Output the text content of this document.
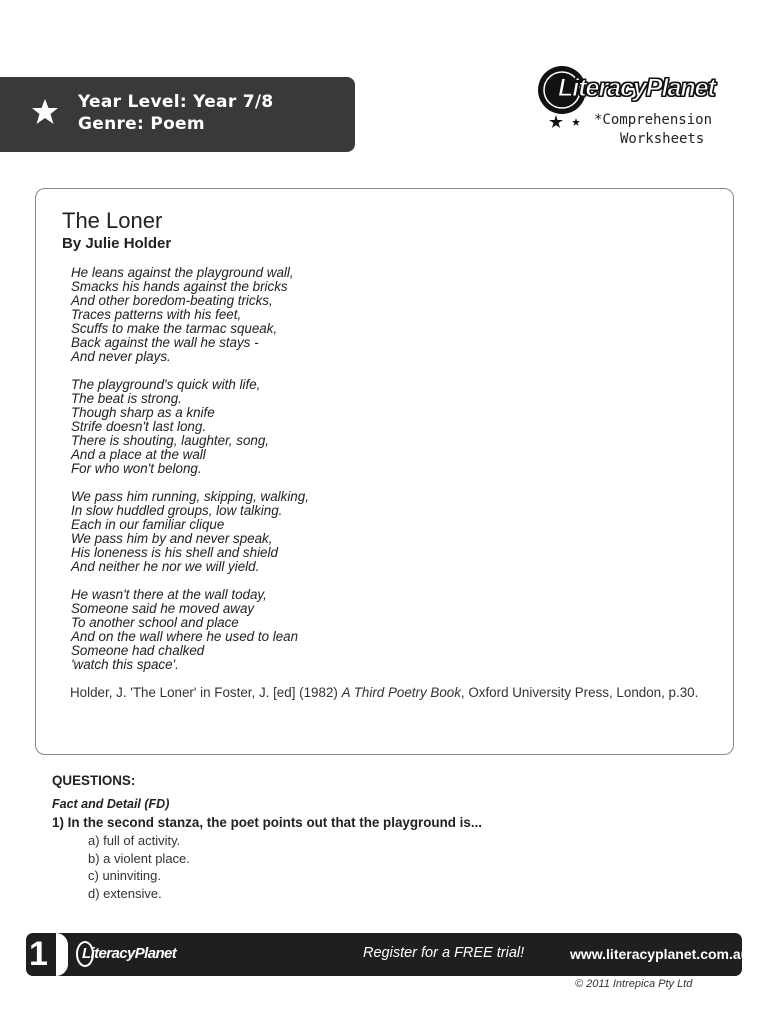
Year Level: Year 7/8
Genre: Poem
LiteracyPlanet
*Comprehension
Worksheets
The Loner
By Julie Holder
He leans against the playground wall,
Smacks his hands against the bricks
And other boredom-beating tricks,
Traces patterns with his feet,
Scuffs to make the tarmac squeak,
Back against the wall he stays -
And never plays.
The playground's quick with life,
The beat is strong.
Though sharp as a knife
Strife doesn't last long.
There is shouting, laughter, song,
And a place at the wall
For who won't belong.
We pass him running, skipping, walking,
In slow huddled groups, low talking.
Each in our familiar clique
We pass him by and never speak,
His loneness is his shell and shield
And neither he nor we will yield.
He wasn't there at the wall today,
Someone said he moved away
To another school and place
And on the wall where he used to lean
Someone had chalked
'watch this space'.
Holder, J. 'The Loner' in Foster, J. [ed] (1982) A Third Poetry Book, Oxford University Press, London, p.30.
QUESTIONS:
Fact and Detail (FD)
1) In the second stanza, the poet points out that the playground is...
a) full of activity.
b) a violent place.
c) uninviting.
d) extensive.
1 LiteracyPlanet	Register for a FREE trial!	www.literacyplanet.com.au
© 2011 Intrepica Pty Ltd
